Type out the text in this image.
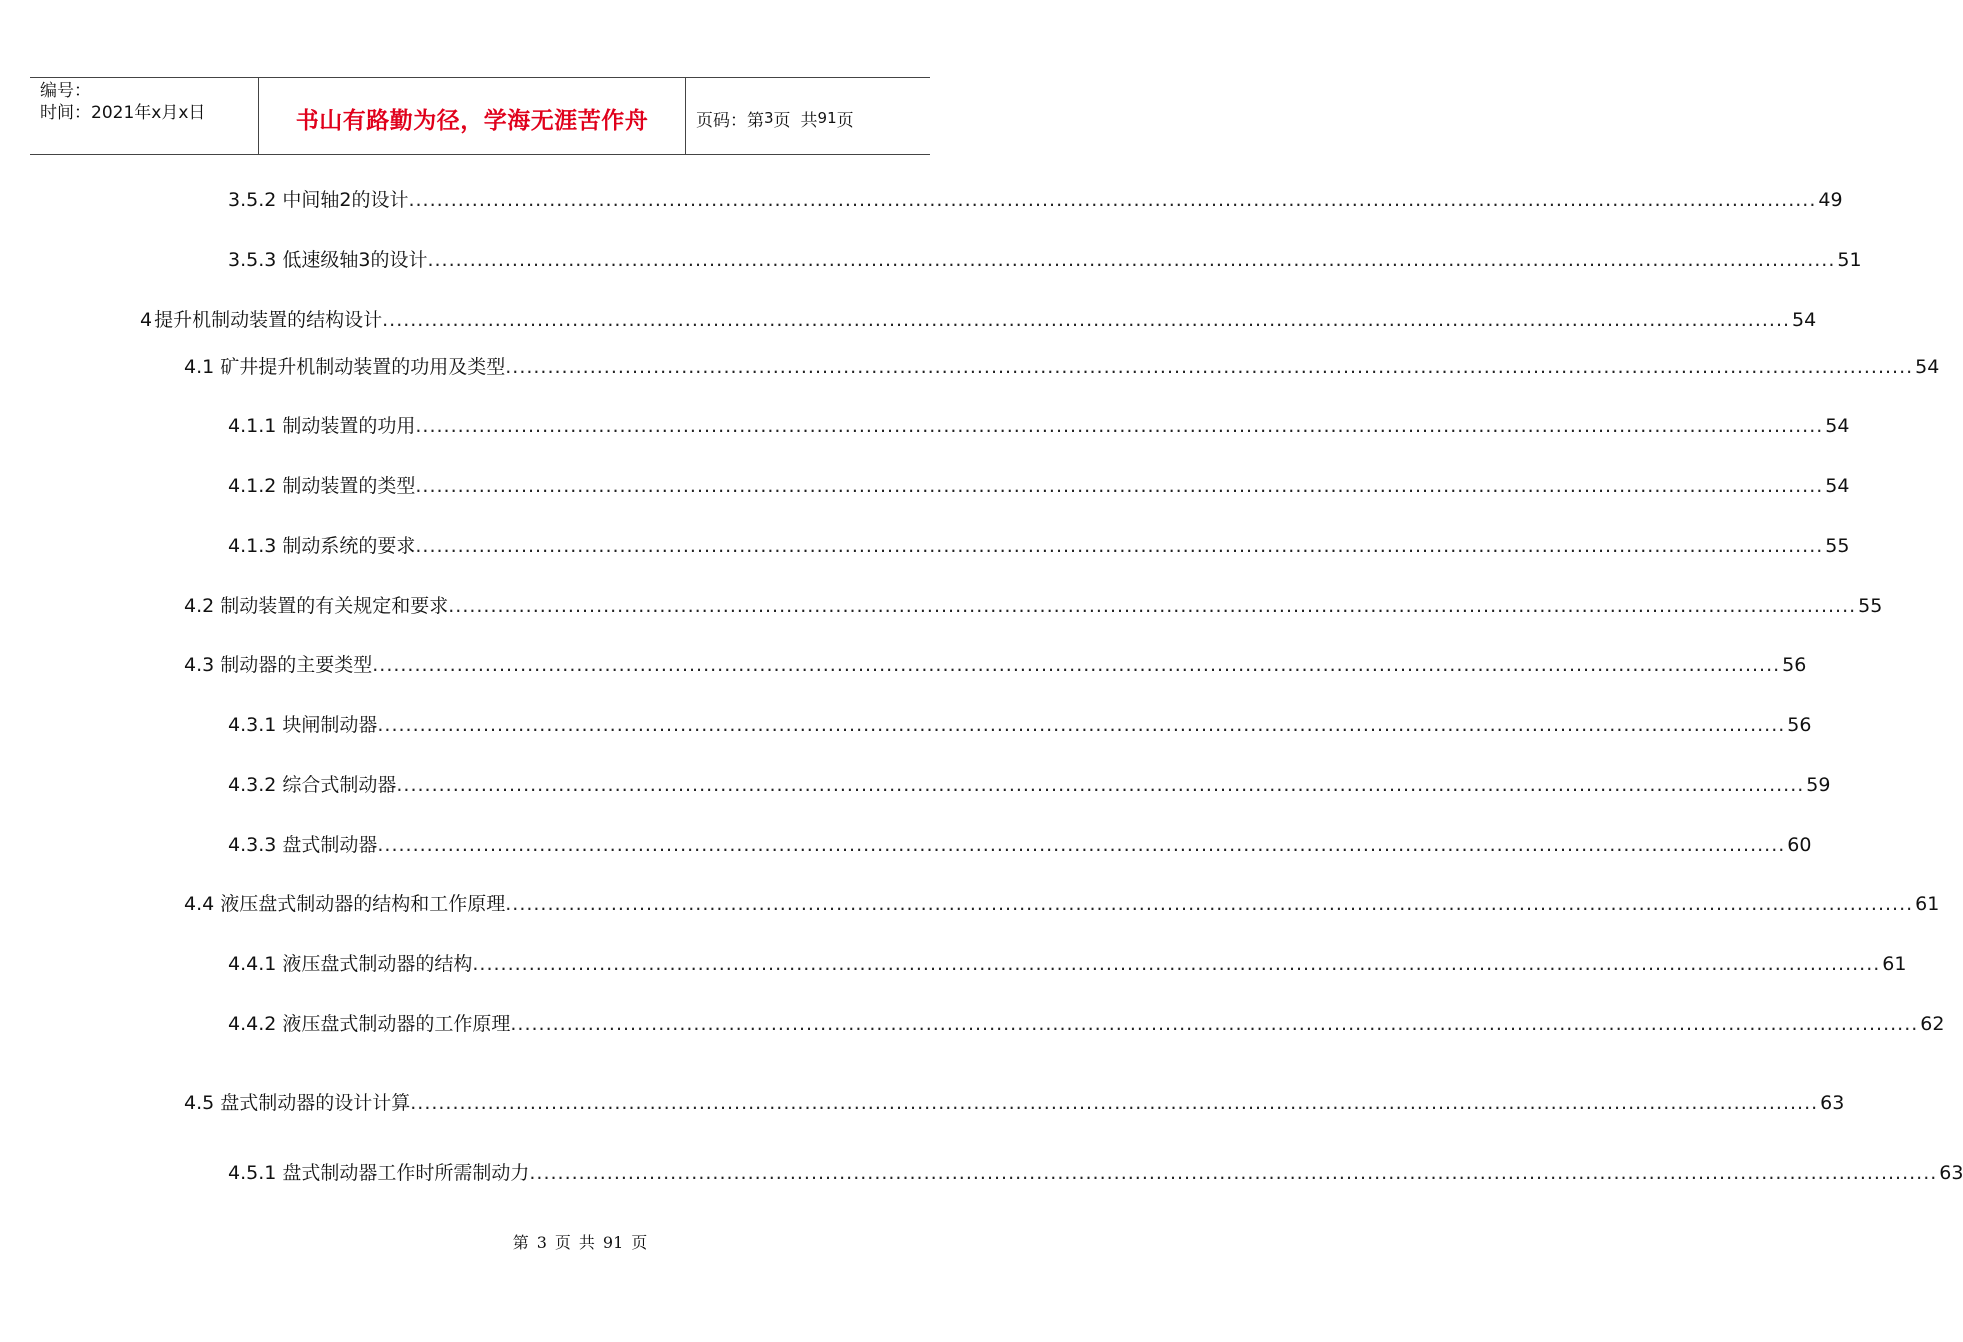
编号：
时间：2021年x月x日	书山有路勤为径，学海无涯苦作舟	页码：第 3 页 共 91 页
3.5.2 中间轴2的设计 ........................................................................................................................................................................................................ 49
3.5.3 低速级轴3的设计 ........................................................................................................................................................................................................ 51
4 提升机制动装置的结构设计 ........................................................................................................................................................................................................ 54
4.1 矿井提升机制动装置的功用及类型 ........................................................................................................................................................................................................ 54
4.1.1 制动装置的功用 ........................................................................................................................................................................................................ 54
4.1.2 制动装置的类型 ........................................................................................................................................................................................................ 54
4.1.3 制动系统的要求 ........................................................................................................................................................................................................ 55
4.2 制动装置的有关规定和要求 ........................................................................................................................................................................................................ 55
4.3 制动器的主要类型 ........................................................................................................................................................................................................ 56
4.3.1 块闸制动器 ........................................................................................................................................................................................................ 56
4.3.2 综合式制动器 ........................................................................................................................................................................................................ 59
4.3.3 盘式制动器 ........................................................................................................................................................................................................ 60
4.4 液压盘式制动器的结构和工作原理 ........................................................................................................................................................................................................ 61
4.4.1 液压盘式制动器的结构 ........................................................................................................................................................................................................ 61
4.4.2 液压盘式制动器的工作原理 ........................................................................................................................................................................................................ 62
4.5 盘式制动器的设计计算 ........................................................................................................................................................................................................ 63
4.5.1 盘式制动器工作时所需制动力 ........................................................................................................................................................................................................ 63
第 3 页 共 91 页
